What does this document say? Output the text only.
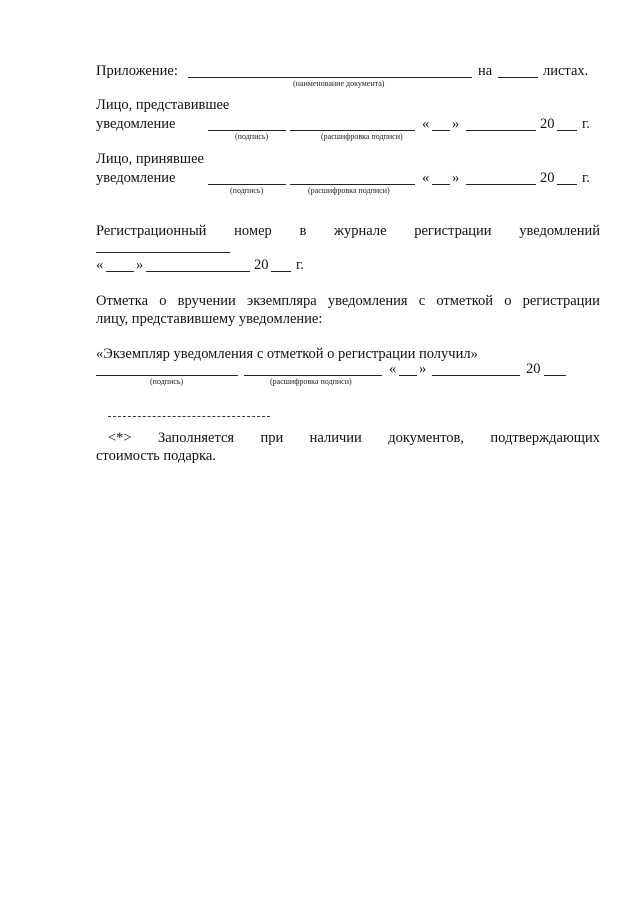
Приложение:
(наименование документа)
на	листах.
Лицо, представившее
уведомление
(подпись)	(расшифровка подписи)
« »	20 г.
Лицо, принявшее
уведомление
(подпись)	(расшифровка подписи)
« »	20 г.
Регистрационный номер в журнале регистрации уведомлений
« »	20 г.
Отметка о вручении экземпляра уведомления с отметкой о регистрации
лицу, представившему уведомление:
«Экземпляр уведомления с отметкой о регистрации получил»
(подпись)	(расшифровка подписи)
« »	20
<*> Заполняется при наличии документов, подтверждающих
стоимость подарка.
